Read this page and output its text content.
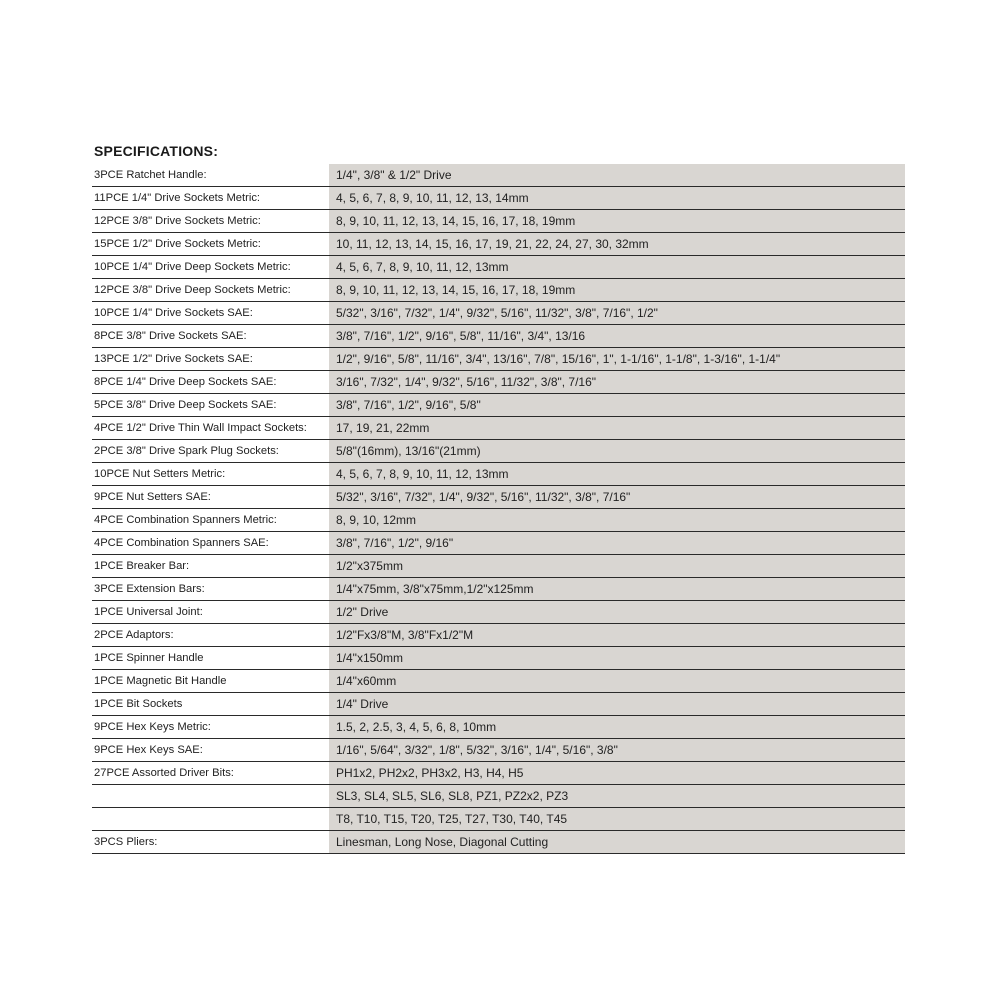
SPECIFICATIONS:
3PCE Ratchet Handle:	1/4", 3/8" & 1/2" Drive
11PCE 1/4" Drive Sockets Metric:	4, 5, 6, 7, 8, 9, 10, 11, 12, 13, 14mm
12PCE 3/8" Drive Sockets Metric:	8, 9, 10, 11, 12, 13, 14, 15, 16, 17, 18, 19mm
15PCE 1/2" Drive Sockets Metric:	10, 11, 12, 13, 14, 15, 16, 17, 19, 21, 22, 24, 27, 30, 32mm
10PCE 1/4" Drive Deep Sockets Metric:	4, 5, 6, 7, 8, 9, 10, 11, 12, 13mm
12PCE 3/8" Drive Deep Sockets Metric:	8, 9, 10, 11, 12, 13, 14, 15, 16, 17, 18, 19mm
10PCE 1/4" Drive Sockets SAE:	5/32", 3/16", 7/32", 1/4", 9/32", 5/16", 11/32", 3/8", 7/16", 1/2"
8PCE 3/8" Drive Sockets SAE:	3/8", 7/16", 1/2", 9/16", 5/8", 11/16", 3/4", 13/16
13PCE 1/2" Drive Sockets SAE:	1/2", 9/16", 5/8", 11/16", 3/4", 13/16", 7/8", 15/16", 1", 1-1/16", 1-1/8", 1-3/16", 1-1/4"
8PCE 1/4" Drive Deep Sockets SAE:	3/16", 7/32", 1/4", 9/32", 5/16", 11/32", 3/8", 7/16"
5PCE 3/8" Drive Deep Sockets SAE:	3/8", 7/16", 1/2", 9/16", 5/8"
4PCE 1/2" Drive Thin Wall Impact Sockets:	17, 19, 21, 22mm
2PCE 3/8" Drive Spark Plug Sockets:	5/8"(16mm), 13/16"(21mm)
10PCE Nut Setters Metric:	4, 5, 6, 7, 8, 9, 10, 11, 12, 13mm
9PCE Nut Setters SAE:	5/32", 3/16", 7/32", 1/4", 9/32", 5/16", 11/32", 3/8", 7/16"
4PCE Combination Spanners Metric:	8, 9, 10, 12mm
4PCE Combination Spanners SAE:	3/8", 7/16", 1/2", 9/16"
1PCE Breaker Bar:	1/2"x375mm
3PCE Extension Bars:	1/4"x75mm, 3/8"x75mm,1/2"x125mm
1PCE Universal Joint:	1/2" Drive
2PCE Adaptors:	1/2"Fx3/8"M, 3/8"Fx1/2"M
1PCE Spinner Handle	1/4"x150mm
1PCE Magnetic Bit Handle	1/4"x60mm
1PCE Bit Sockets	1/4" Drive
9PCE Hex Keys Metric:	1.5, 2, 2.5, 3, 4, 5, 6, 8, 10mm
9PCE Hex Keys SAE:	1/16", 5/64", 3/32", 1/8", 5/32", 3/16", 1/4", 5/16", 3/8"
27PCE Assorted Driver Bits:	PH1x2, PH2x2, PH3x2, H3, H4, H5
SL3, SL4, SL5, SL6, SL8, PZ1, PZ2x2, PZ3
T8, T10, T15, T20, T25, T27, T30, T40, T45
3PCS Pliers:	Linesman, Long Nose, Diagonal Cutting
